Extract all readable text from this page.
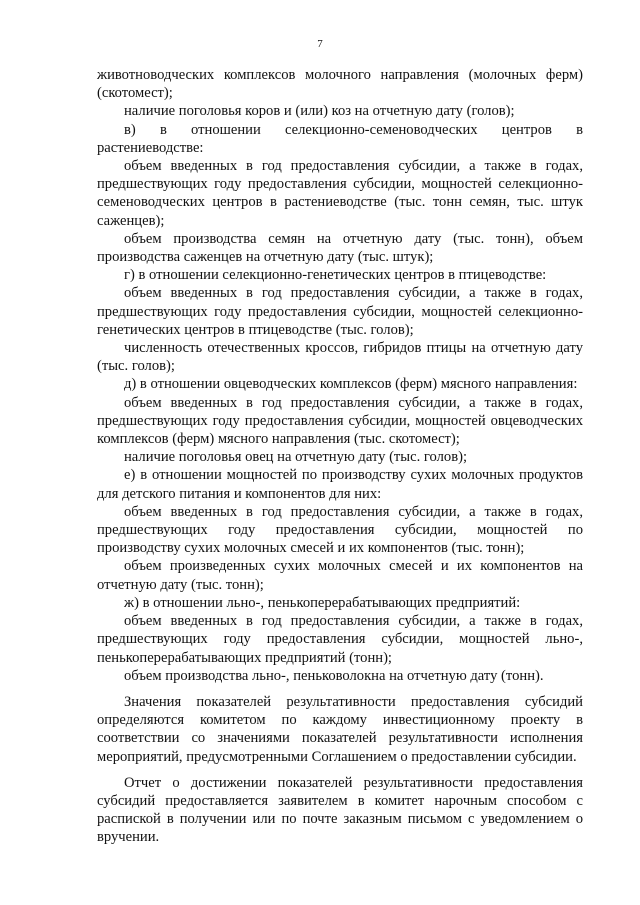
7

животноводческих комплексов молочного направления (молочных ферм) (скотомест);

наличие поголовья коров и (или) коз на отчетную дату (голов);

в) в отношении селекционно-семеноводческих центров в растениеводстве:

объем введенных в год предоставления субсидии, а также в годах, предшествующих году предоставления субсидии, мощностей селекционно-семеноводческих центров в растениеводстве (тыс. тонн семян, тыс. штук саженцев);

объем производства семян на отчетную дату (тыс. тонн), объем производства саженцев на отчетную дату (тыс. штук);

г) в отношении селекционно-генетических центров в птицеводстве:

объем введенных в год предоставления субсидии, а также в годах, предшествующих году предоставления субсидии, мощностей селекционно-генетических центров в птицеводстве (тыс. голов);

численность отечественных кроссов, гибридов птицы на отчетную дату (тыс. голов);

д) в отношении овцеводческих комплексов (ферм) мясного направления:

объем введенных в год предоставления субсидии, а также в годах, предшествующих году предоставления субсидии, мощностей овцеводческих комплексов (ферм) мясного направления (тыс. скотомест);

наличие поголовья овец на отчетную дату (тыс. голов);

е) в отношении мощностей по производству сухих молочных продуктов для детского питания и компонентов для них:

объем введенных в год предоставления субсидии, а также в годах, предшествующих году предоставления субсидии, мощностей по производству сухих молочных смесей и их компонентов (тыс. тонн);

объем произведенных сухих молочных смесей и их компонентов на отчетную дату (тыс. тонн);

ж) в отношении льно-, пенькоперерабатывающих предприятий:

объем введенных в год предоставления субсидии, а также в годах, предшествующих году предоставления субсидии, мощностей льно-, пенькоперерабатывающих предприятий (тонн);

объем производства льно-, пеньковолокна на отчетную дату (тонн).

Значения показателей результативности предоставления субсидий определяются комитетом по каждому инвестиционному проекту в соответствии со значениями показателей результативности исполнения мероприятий, предусмотренными Соглашением о предоставлении субсидии.

Отчет о достижении показателей результативности предоставления субсидий предоставляется заявителем в комитет нарочным способом с распиской в получении или по почте заказным письмом с уведомлением о вручении.
